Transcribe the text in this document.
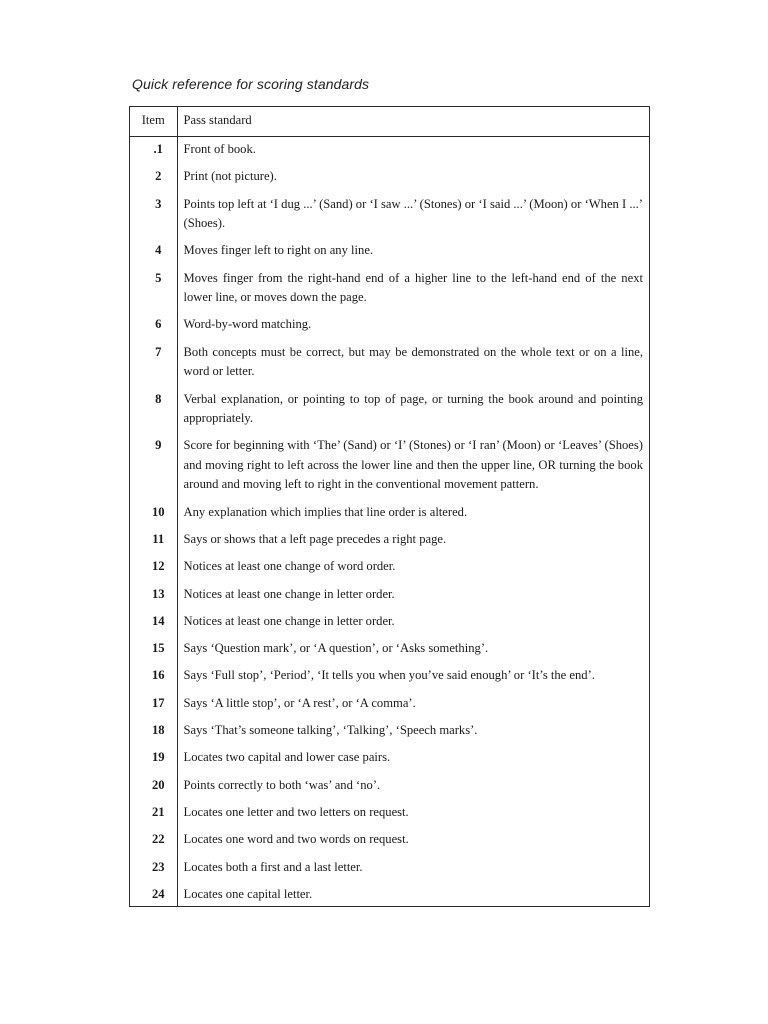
Quick reference for scoring standards
Item	Pass standard
.1	Front of book.
2	Print (not picture).
3	Points top left at ‘I dug ...’ (Sand) or ‘I saw ...’ (Stones) or ‘I said ...’ (Moon) or ‘When I ...’ (Shoes).
4	Moves finger left to right on any line.
5	Moves finger from the right-hand end of a higher line to the left-hand end of the next lower line, or moves down the page.
6	Word-by-word matching.
7	Both concepts must be correct, but may be demonstrated on the whole text or on a line, word or letter.
8	Verbal explanation, or pointing to top of page, or turning the book around and pointing appropriately.
9	Score for beginning with ‘The’ (Sand) or ‘I’ (Stones) or ‘I ran’ (Moon) or ‘Leaves’ (Shoes) and moving right to left across the lower line and then the upper line, OR turning the book around and moving left to right in the conventional movement pattern.
10	Any explanation which implies that line order is altered.
11	Says or shows that a left page precedes a right page.
12	Notices at least one change of word order.
13	Notices at least one change in letter order.
14	Notices at least one change in letter order.
15	Says ‘Question mark’, or ‘A question’, or ‘Asks something’.
16	Says ‘Full stop’, ‘Period’, ‘It tells you when you’ve said enough’ or ‘It’s the end’.
17	Says ‘A little stop’, or ‘A rest’, or ‘A comma’.
18	Says ‘That’s someone talking’, ‘Talking’, ‘Speech marks’.
19	Locates two capital and lower case pairs.
20	Points correctly to both ‘was’ and ‘no’.
21	Locates one letter and two letters on request.
22	Locates one word and two words on request.
23	Locates both a first and a last letter.
24	Locates one capital letter.
